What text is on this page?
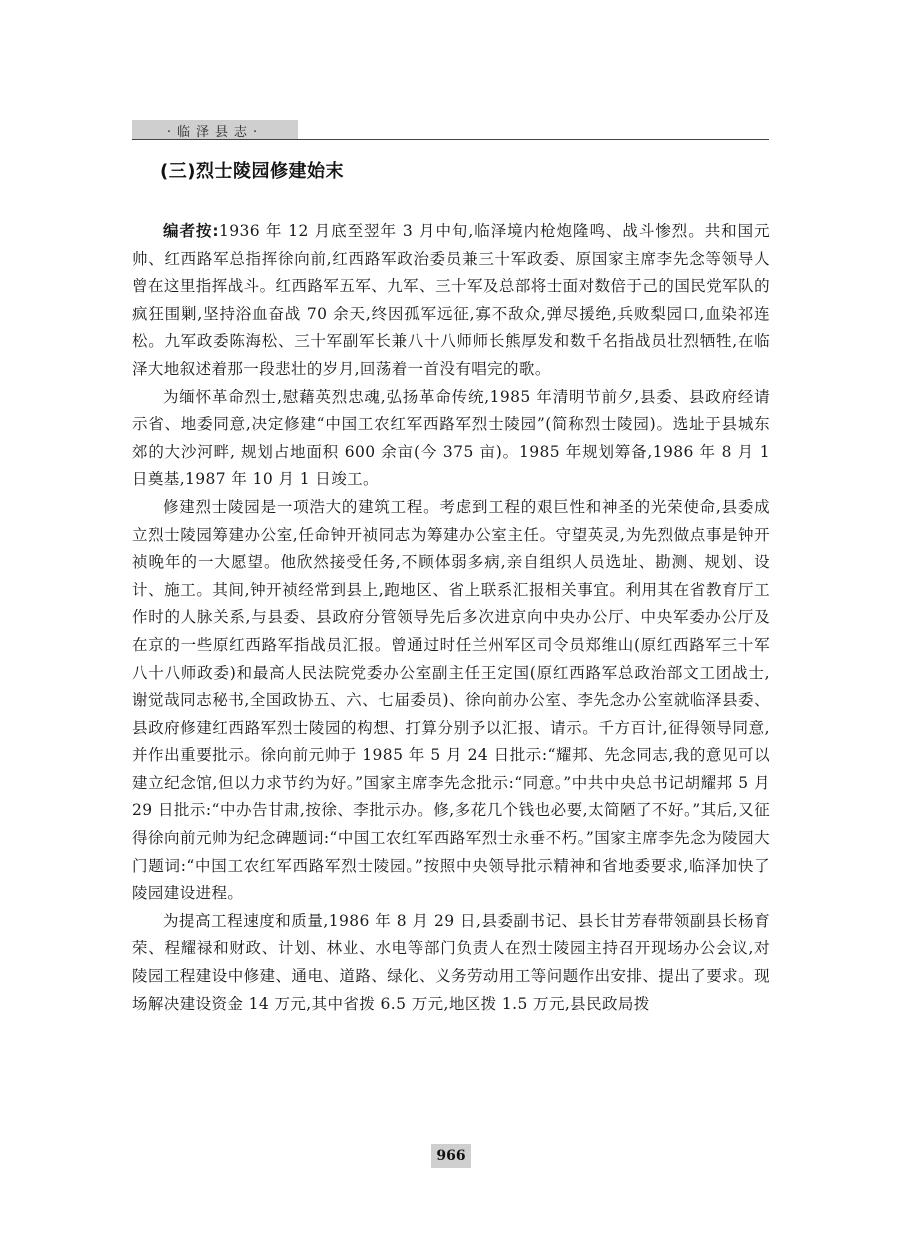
·临泽县志·
(三)烈士陵园修建始末

编者按:1936 年 12 月底至翌年 3 月中旬,临泽境内枪炮隆鸣、战斗惨烈。共和国元帅、红西路军总指挥徐向前,红西路军政治委员兼三十军政委、原国家主席李先念等领导人曾在这里指挥战斗。红西路军五军、九军、三十军及总部将士面对数倍于己的国民党军队的疯狂围剿,坚持浴血奋战 70 余天,终因孤军远征,寡不敌众,弹尽援绝,兵败梨园口,血染祁连松。九军政委陈海松、三十军副军长兼八十八师师长熊厚发和数千名指战员壮烈牺牲,在临泽大地叙述着那一段悲壮的岁月,回荡着一首没有唱完的歌。

为缅怀革命烈士,慰藉英烈忠魂,弘扬革命传统,1985 年清明节前夕,县委、县政府经请示省、地委同意,决定修建“中国工农红军西路军烈士陵园”(简称烈士陵园)。选址于县城东郊的大沙河畔, 规划占地面积 600 余亩(今 375 亩)。1985 年规划筹备,1986 年 8 月 1 日奠基,1987 年 10 月 1 日竣工。

修建烈士陵园是一项浩大的建筑工程。考虑到工程的艰巨性和神圣的光荣使命,县委成立烈士陵园筹建办公室,任命钟开祯同志为筹建办公室主任。守望英灵,为先烈做点事是钟开祯晚年的一大愿望。他欣然接受任务,不顾体弱多病,亲自组织人员选址、勘测、规划、设计、施工。其间,钟开祯经常到县上,跑地区、省上联系汇报相关事宜。利用其在省教育厅工作时的人脉关系,与县委、县政府分管领导先后多次进京向中央办公厅、中央军委办公厅及在京的一些原红西路军指战员汇报。曾通过时任兰州军区司令员郑维山(原红西路军三十军八十八师政委)和最高人民法院党委办公室副主任王定国(原红西路军总政治部文工团战士,谢觉哉同志秘书,全国政协五、六、七届委员)、徐向前办公室、李先念办公室就临泽县委、县政府修建红西路军烈士陵园的构想、打算分别予以汇报、请示。千方百计,征得领导同意,并作出重要批示。徐向前元帅于 1985 年 5 月 24 日批示:“耀邦、先念同志,我的意见可以建立纪念馆,但以力求节约为好。”国家主席李先念批示:“同意。”中共中央总书记胡耀邦 5 月 29 日批示:“中办告甘肃,按徐、李批示办。修,多花几个钱也必要,太简陋了不好。”其后,又征得徐向前元帅为纪念碑题词:“中国工农红军西路军烈士永垂不朽。”国家主席李先念为陵园大门题词:“中国工农红军西路军烈士陵园。”按照中央领导批示精神和省地委要求,临泽加快了陵园建设进程。

为提高工程速度和质量,1986 年 8 月 29 日,县委副书记、县长甘芳春带领副县长杨育荣、程耀禄和财政、计划、林业、水电等部门负责人在烈士陵园主持召开现场办公会议,对陵园工程建设中修建、通电、道路、绿化、义务劳动用工等问题作出安排、提出了要求。现场解决建设资金 14 万元,其中省拨 6.5 万元,地区拨 1.5 万元,县民政局拨

966
